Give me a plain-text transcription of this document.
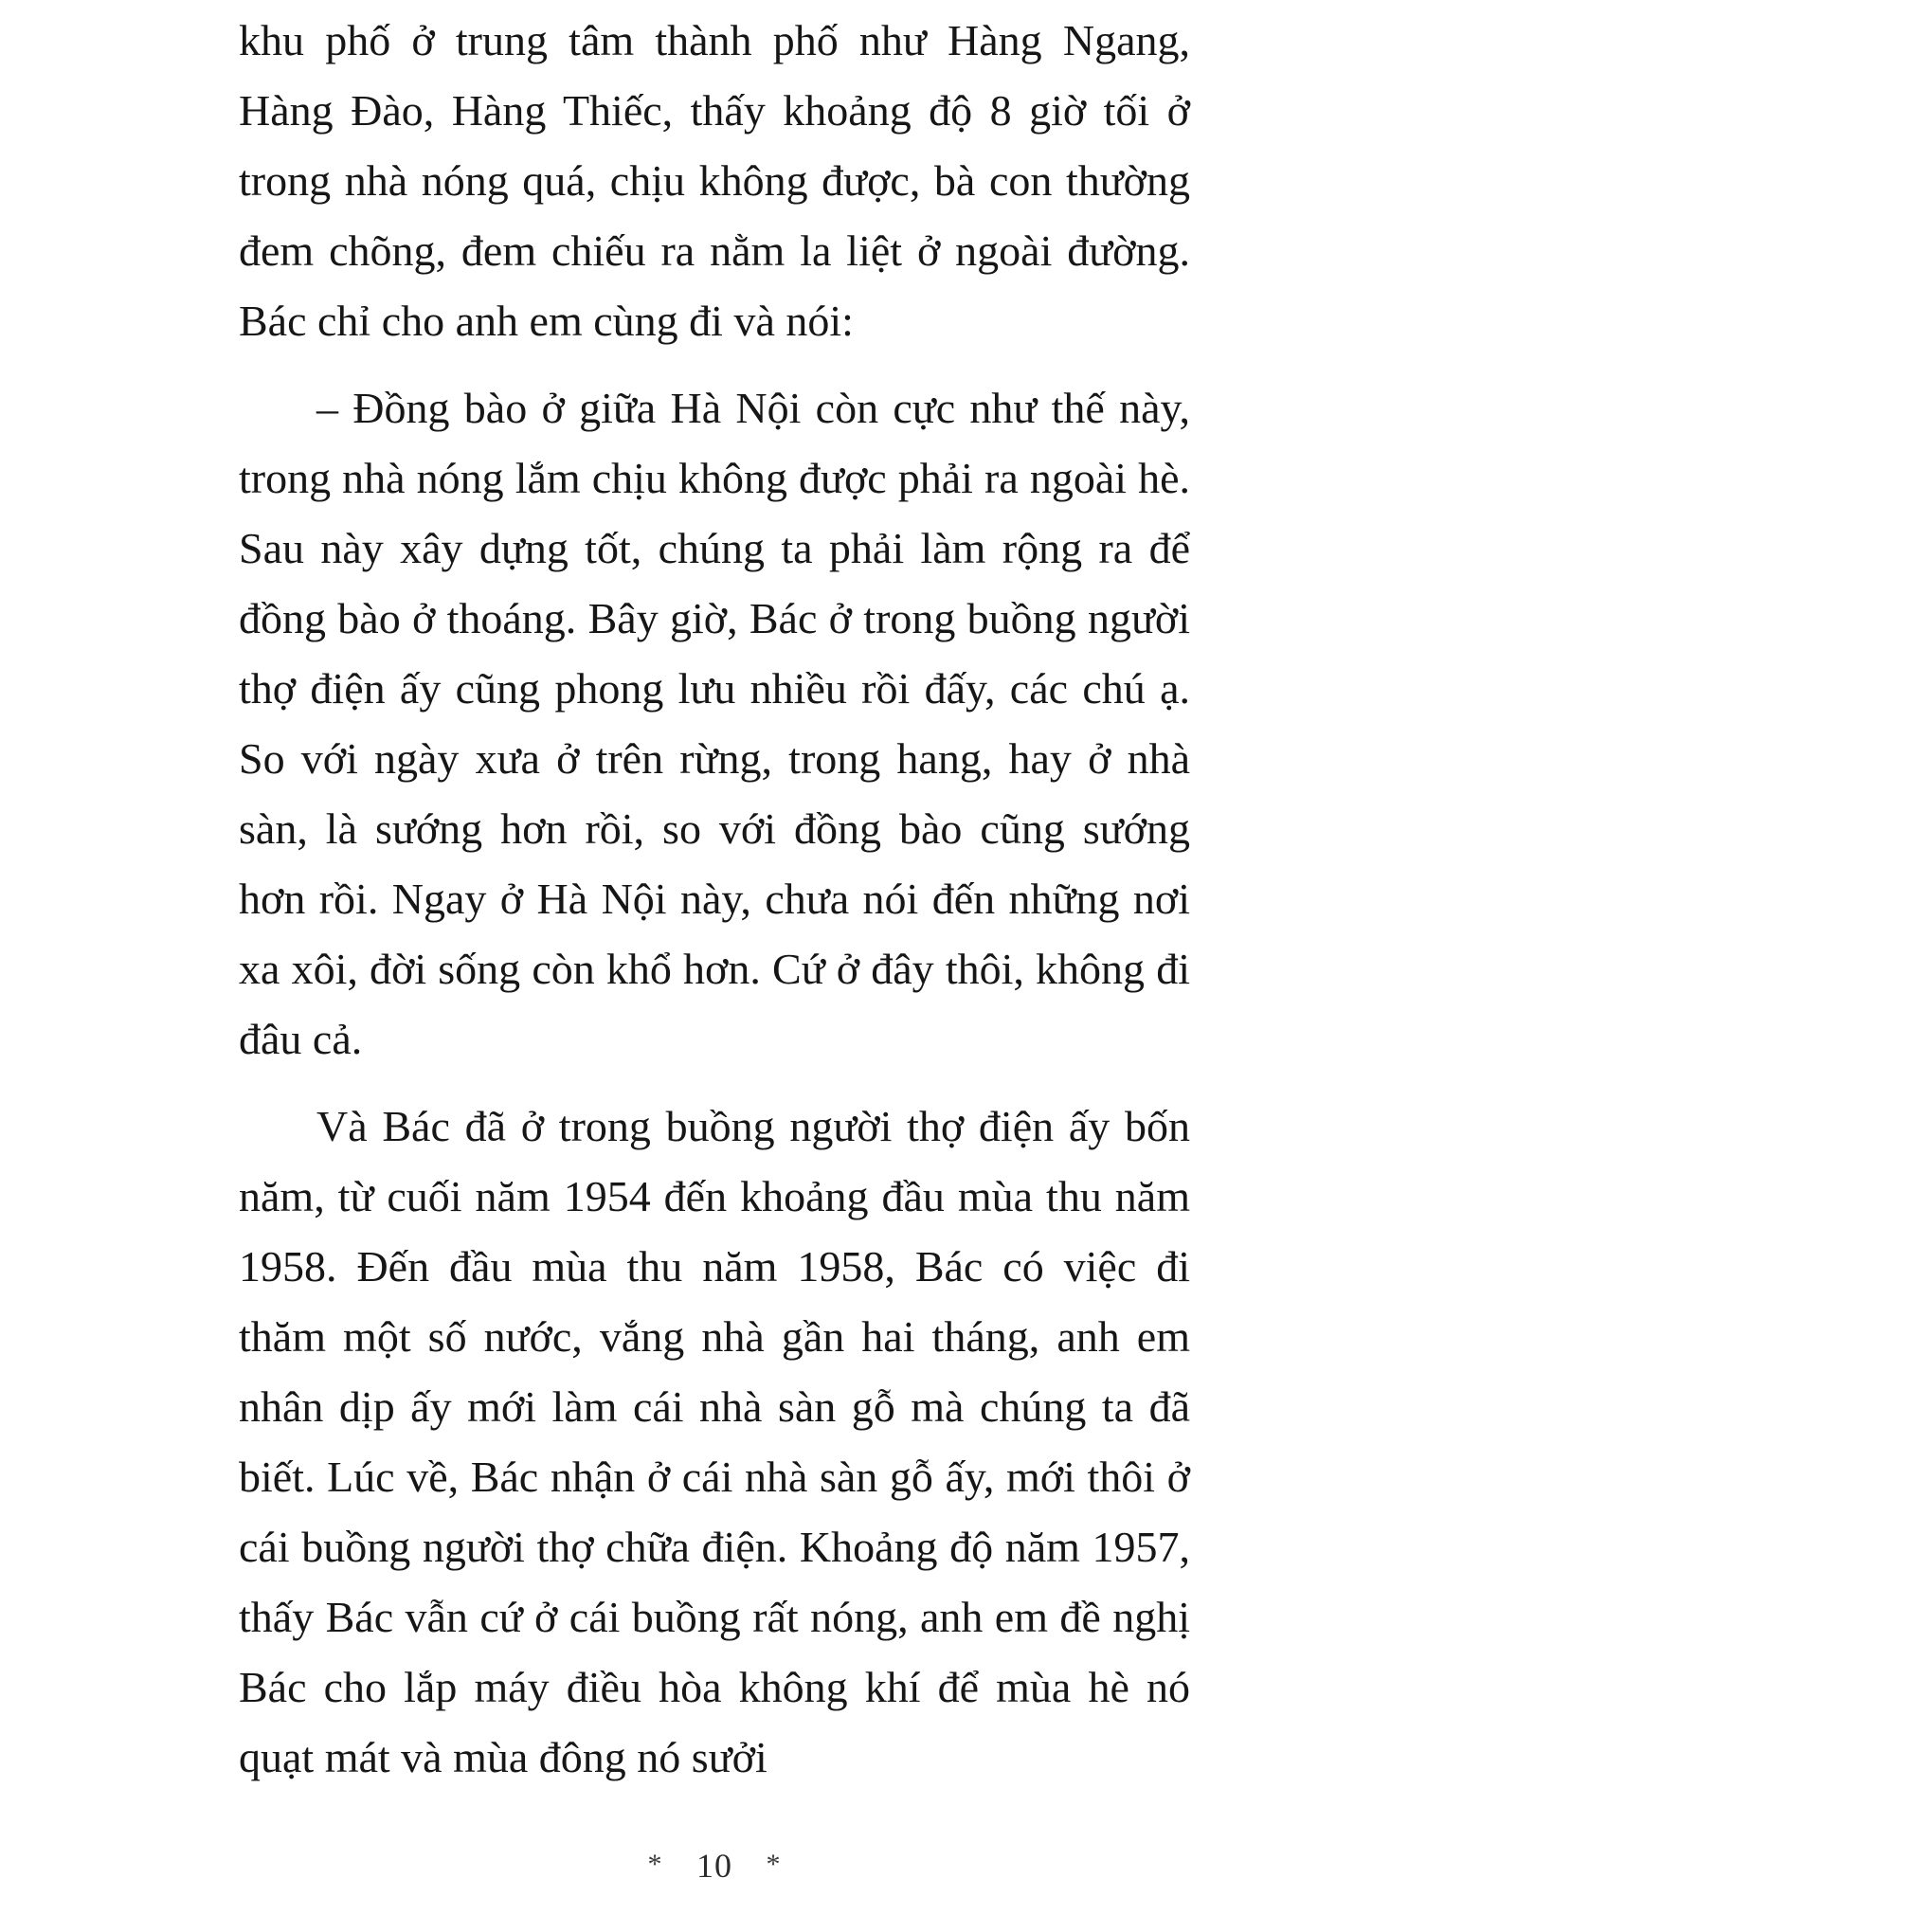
khu phố ở trung tâm thành phố như Hàng Ngang, Hàng Đào, Hàng Thiếc, thấy khoảng độ 8 giờ tối ở trong nhà nóng quá, chịu không được, bà con thường đem chõng, đem chiếu ra nằm la liệt ở ngoài đường. Bác chỉ cho anh em cùng đi và nói:

– Đồng bào ở giữa Hà Nội còn cực như thế này, trong nhà nóng lắm chịu không được phải ra ngoài hè. Sau này xây dựng tốt, chúng ta phải làm rộng ra để đồng bào ở thoáng. Bây giờ, Bác ở trong buồng người thợ điện ấy cũng phong lưu nhiều rồi đấy, các chú ạ. So với ngày xưa ở trên rừng, trong hang, hay ở nhà sàn, là sướng hơn rồi, so với đồng bào cũng sướng hơn rồi. Ngay ở Hà Nội này, chưa nói đến những nơi xa xôi, đời sống còn khổ hơn. Cứ ở đây thôi, không đi đâu cả.

Và Bác đã ở trong buồng người thợ điện ấy bốn năm, từ cuối năm 1954 đến khoảng đầu mùa thu năm 1958. Đến đầu mùa thu năm 1958, Bác có việc đi thăm một số nước, vắng nhà gần hai tháng, anh em nhân dịp ấy mới làm cái nhà sàn gỗ mà chúng ta đã biết. Lúc về, Bác nhận ở cái nhà sàn gỗ ấy, mới thôi ở cái buồng người thợ chữa điện. Khoảng độ năm 1957, thấy Bác vẫn cứ ở cái buồng rất nóng, anh em đề nghị Bác cho lắp máy điều hòa không khí để mùa hè nó quạt mát và mùa đông nó sưởi

* 10 *
